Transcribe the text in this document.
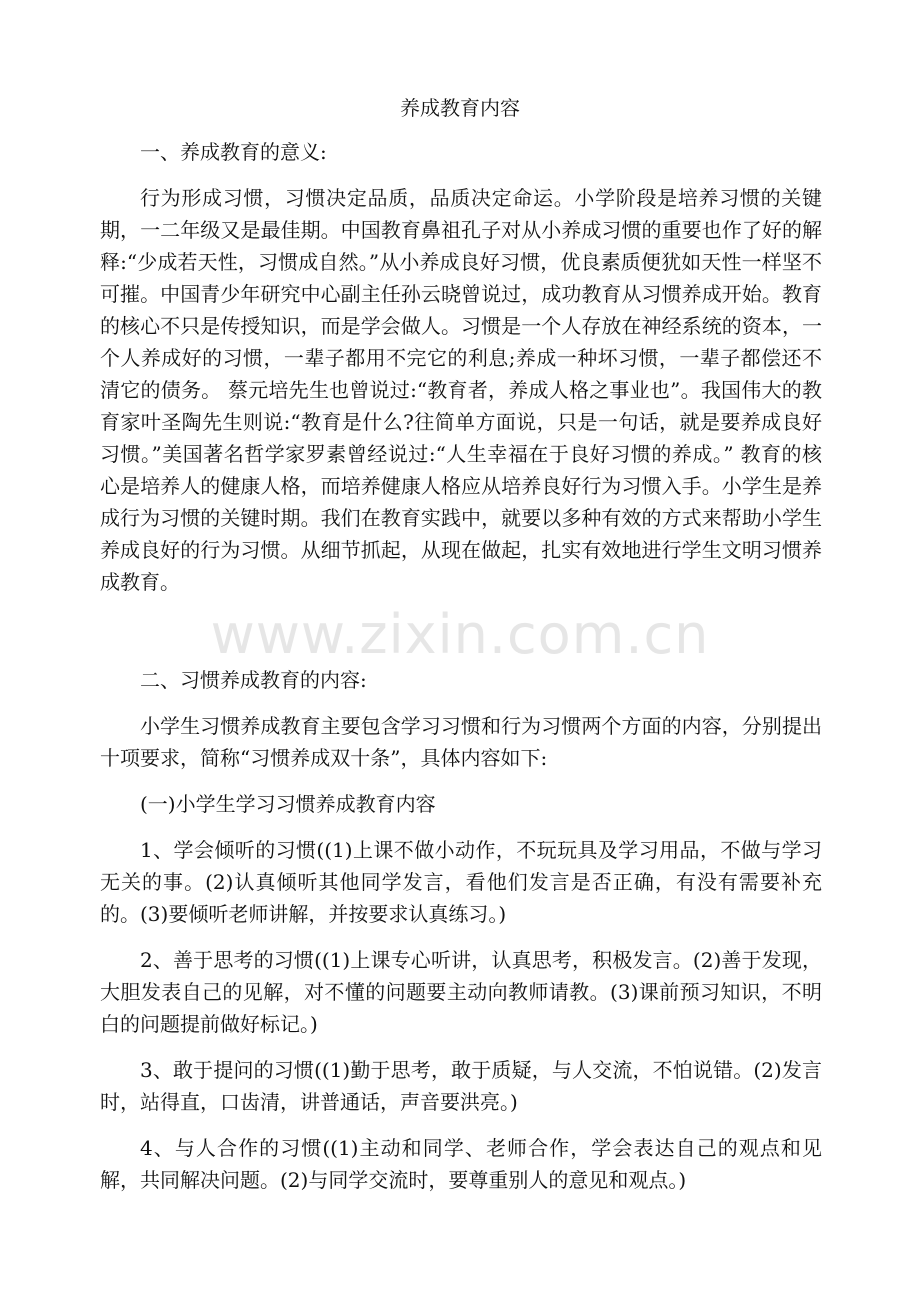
养成教育内容

一、养成教育的意义:

行为形成习惯，习惯决定品质，品质决定命运。小学阶段是培养习惯的关键期，一二年级又是最佳期。中国教育鼻祖孔子对从小养成习惯的重要也作了好的解释:“少成若天性，习惯成自然。”从小养成良好习惯，优良素质便犹如天性一样坚不可摧。中国青少年研究中心副主任孙云晓曾说过，成功教育从习惯养成开始。教育的核心不只是传授知识，而是学会做人。习惯是一个人存放在神经系统的资本，一个人养成好的习惯，一辈子都用不完它的利息;养成一种坏习惯，一辈子都偿还不清它的债务。 蔡元培先生也曾说过:“教育者，养成人格之事业也”。我国伟大的教育家叶圣陶先生则说:“教育是什么?往简单方面说，只是一句话，就是要养成良好习惯。”美国著名哲学家罗素曾经说过:“人生幸福在于良好习惯的养成。” 教育的核心是培养人的健康人格，而培养健康人格应从培养良好行为习惯入手。小学生是养成行为习惯的关键时期。我们在教育实践中，就要以多种有效的方式来帮助小学生养成良好的行为习惯。从细节抓起，从现在做起，扎实有效地进行学生文明习惯养成教育。

二、习惯养成教育的内容:

小学生习惯养成教育主要包含学习习惯和行为习惯两个方面的内容，分别提出十项要求，简称“习惯养成双十条”，具体内容如下:

(一)小学生学习习惯养成教育内容

1、学会倾听的习惯((1)上课不做小动作，不玩玩具及学习用品，不做与学习无关的事。(2)认真倾听其他同学发言，看他们发言是否正确，有没有需要补充的。(3)要倾听老师讲解，并按要求认真练习。)

2、善于思考的习惯((1)上课专心听讲，认真思考，积极发言。(2)善于发现，大胆发表自己的见解，对不懂的问题要主动向教师请教。(3)课前预习知识，不明白的问题提前做好标记。)

3、敢于提问的习惯((1)勤于思考，敢于质疑，与人交流，不怕说错。(2)发言时，站得直，口齿清，讲普通话，声音要洪亮。)

4、与人合作的习惯((1)主动和同学、老师合作，学会表达自己的观点和见解，共同解决问题。(2)与同学交流时，要尊重别人的意见和观点。)

www.zixin.com.cn
